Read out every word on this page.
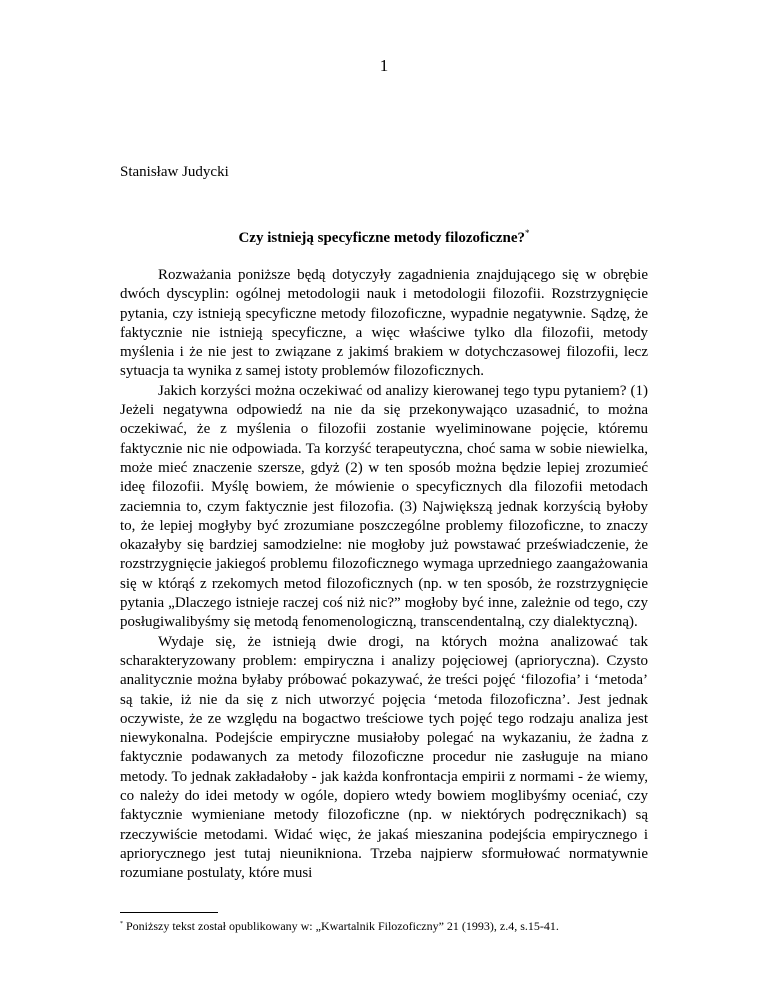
1
Stanisław Judycki
Czy istnieją specyficzne metody filozoficzne?*

Rozważania poniższe będą dotyczyły zagadnienia znajdującego się w obrębie dwóch dyscyplin: ogólnej metodologii nauk i metodologii filozofii. Rozstrzygnięcie pytania, czy istnieją specyficzne metody filozoficzne, wypadnie negatywnie. Sądzę, że faktycznie nie istnieją specyficzne, a więc właściwe tylko dla filozofii, metody myślenia i że nie jest to związane z jakimś brakiem w dotychczasowej filozofii, lecz sytuacja ta wynika z samej istoty problemów filozoficznych.

Jakich korzyści można oczekiwać od analizy kierowanej tego typu pytaniem? (1) Jeżeli negatywna odpowiedź na nie da się przekonywająco uzasadnić, to można oczekiwać, że z myślenia o filozofii zostanie wyeliminowane pojęcie, któremu faktycznie nic nie odpowiada. Ta korzyść terapeutyczna, choć sama w sobie niewielka, może mieć znaczenie szersze, gdyż (2) w ten sposób można będzie lepiej zrozumieć ideę filozofii. Myślę bowiem, że mówienie o specyficznych dla filozofii metodach zaciemnia to, czym faktycznie jest filozofia. (3) Największą jednak korzyścią byłoby to, że lepiej mogłyby być zrozumiane poszczególne problemy filozoficzne, to znaczy okazałyby się bardziej samodzielne: nie mogłoby już powstawać przeświadczenie, że rozstrzygnięcie jakiegoś problemu filozoficznego wymaga uprzedniego zaangażowania się w którąś z rzekomych metod filozoficznych (np. w ten sposób, że rozstrzygnięcie pytania „Dlaczego istnieje raczej coś niż nic?” mogłoby być inne, zależnie od tego, czy posługiwalibyśmy się metodą fenomenologiczną, transcendentalną, czy dialektyczną).

Wydaje się, że istnieją dwie drogi, na których można analizować tak scharakteryzowany problem: empiryczna i analizy pojęciowej (aprioryczna). Czysto analitycznie można byłaby próbować pokazywać, że treści pojęć ‘filozofia’ i ‘metoda’ są takie, iż nie da się z nich utworzyć pojęcia ‘metoda filozoficzna’. Jest jednak oczywiste, że ze względu na bogactwo treściowe tych pojęć tego rodzaju analiza jest niewykonalna. Podejście empiryczne musiałoby polegać na wykazaniu, że żadna z faktycznie podawanych za metody filozoficzne procedur nie zasługuje na miano metody. To jednak zakładałoby - jak każda konfrontacja empirii z normami - że wiemy, co należy do idei metody w ogóle, dopiero wtedy bowiem moglibyśmy oceniać, czy faktycznie wymieniane metody filozoficzne (np. w niektórych podręcznikach) są rzeczywiście metodami. Widać więc, że jakaś mieszanina podejścia empirycznego i apriorycznego jest tutaj nieunikniona. Trzeba najpierw sformułować normatywnie rozumiane postulaty, które musi

* Poniższy tekst został opublikowany w: „Kwartalnik Filozoficzny” 21 (1993), z.4, s.15-41.
